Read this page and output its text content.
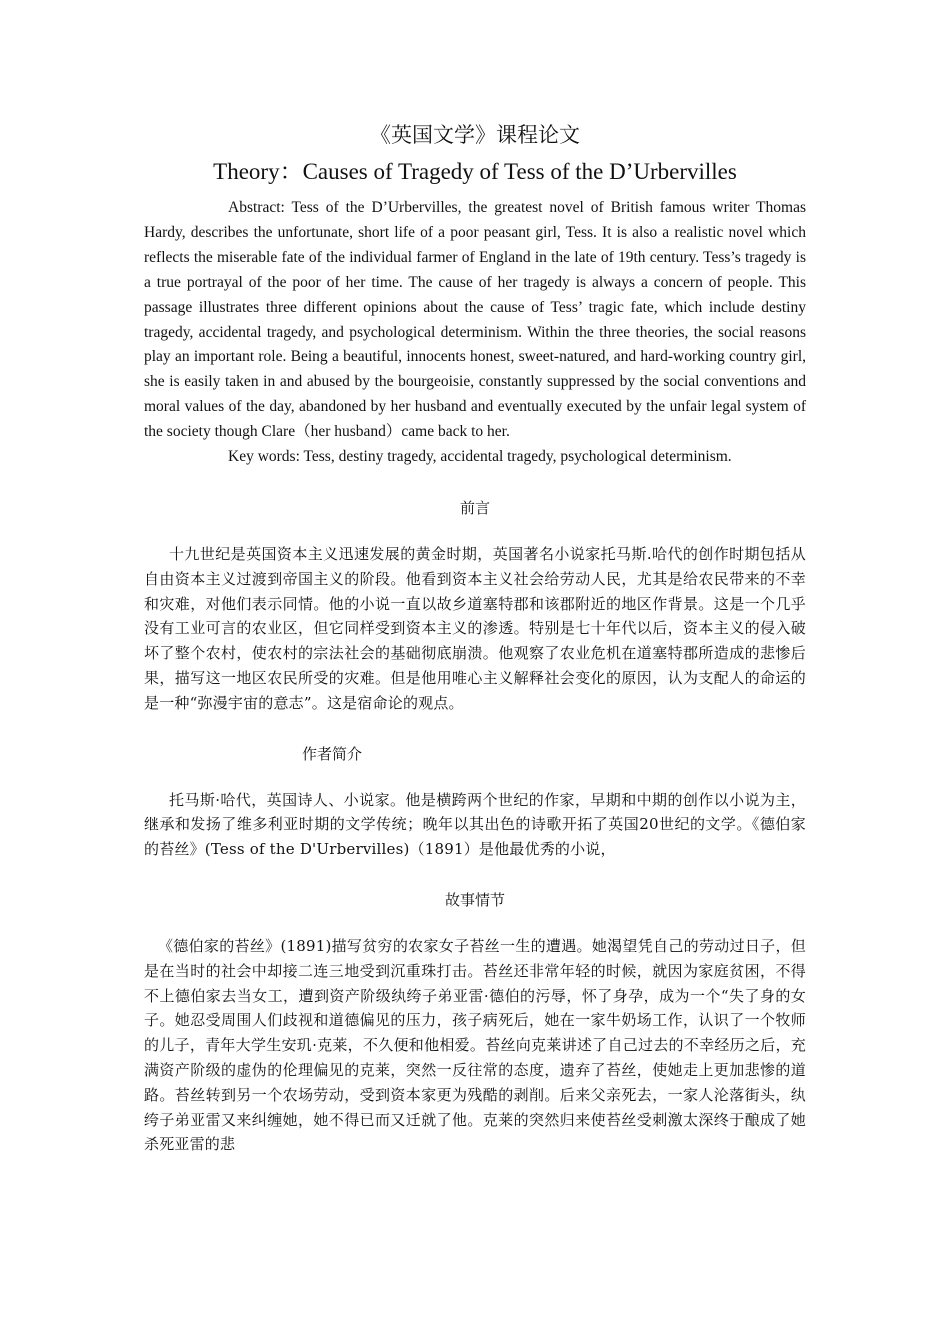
《英国文学》课程论文

Theory：Causes of Tragedy of Tess of the D’Urbervilles

Abstract: Tess of the D’Urbervilles, the greatest novel of British famous writer Thomas Hardy, describes the unfortunate, short life of a poor peasant girl, Tess. It is also a realistic novel which reflects the miserable fate of the individual farmer of England in the late of 19th century. Tess’s tragedy is a true portrayal of the poor of her time. The cause of her tragedy is always a concern of people. This passage illustrates three different opinions about the cause of Tess’ tragic fate, which include destiny tragedy, accidental tragedy, and psychological determinism. Within the three theories, the social reasons play an important role. Being a beautiful, innocents honest, sweet-natured, and hard-working country girl, she is easily taken in and abused by the bourgeoisie, constantly suppressed by the social conventions and moral values of the day, abandoned by her husband and eventually executed by the unfair legal system of the society though Clare（her husband）came back to her.

Key words: Tess, destiny tragedy, accidental tragedy, psychological determinism.

前言

十九世纪是英国资本主义迅速发展的黄金时期，英国著名小说家托马斯.哈代的创作时期包括从自由资本主义过渡到帝国主义的阶段。他看到资本主义社会给劳动人民，尤其是给农民带来的不幸和灾难，对他们表示同情。他的小说一直以故乡道塞特郡和该郡附近的地区作背景。这是一个几乎没有工业可言的农业区，但它同样受到资本主义的渗透。特别是七十年代以后，资本主义的侵入破坏了整个农村，使农村的宗法社会的基础彻底崩溃。他观察了农业危机在道塞特郡所造成的悲惨后果，描写这一地区农民所受的灾难。但是他用唯心主义解释社会变化的原因，认为支配人的命运的是一种“弥漫宇宙的意志”。这是宿命论的观点。

作者简介

托马斯·哈代，英国诗人、小说家。他是横跨两个世纪的作家，早期和中期的创作以小说为主，继承和发扬了维多利亚时期的文学传统；晚年以其出色的诗歌开拓了英国20世纪的文学。《德伯家的苔丝》(Tess of the D'Urbervilles)（1891）是他最优秀的小说，

故事情节

《德伯家的苔丝》(1891)描写贫穷的农家女子苔丝一生的遭遇。她渴望凭自己的劳动过日子，但是在当时的社会中却接二连三地受到沉重珠打击。苔丝还非常年轻的时候，就因为家庭贫困，不得不上德伯家去当女工，遭到资产阶级纨绔子弟亚雷·德伯的污辱，怀了身孕，成为一个“失了身的女子。她忍受周围人们歧视和道德偏见的压力，孩子病死后，她在一家牛奶场工作，认识了一个牧师的儿子，青年大学生安玑·克莱，不久便和他相爱。苔丝向克莱讲述了自己过去的不幸经历之后，充满资产阶级的虚伪的伦理偏见的克莱，突然一反往常的态度，遗弃了苔丝，使她走上更加悲惨的道路。苔丝转到另一个农场劳动，受到资本家更为残酷的剥削。后来父亲死去，一家人沦落街头，纨绔子弟亚雷又来纠缠她，她不得已而又迁就了他。克莱的突然归来使苔丝受刺激太深终于酿成了她杀死亚雷的悲
